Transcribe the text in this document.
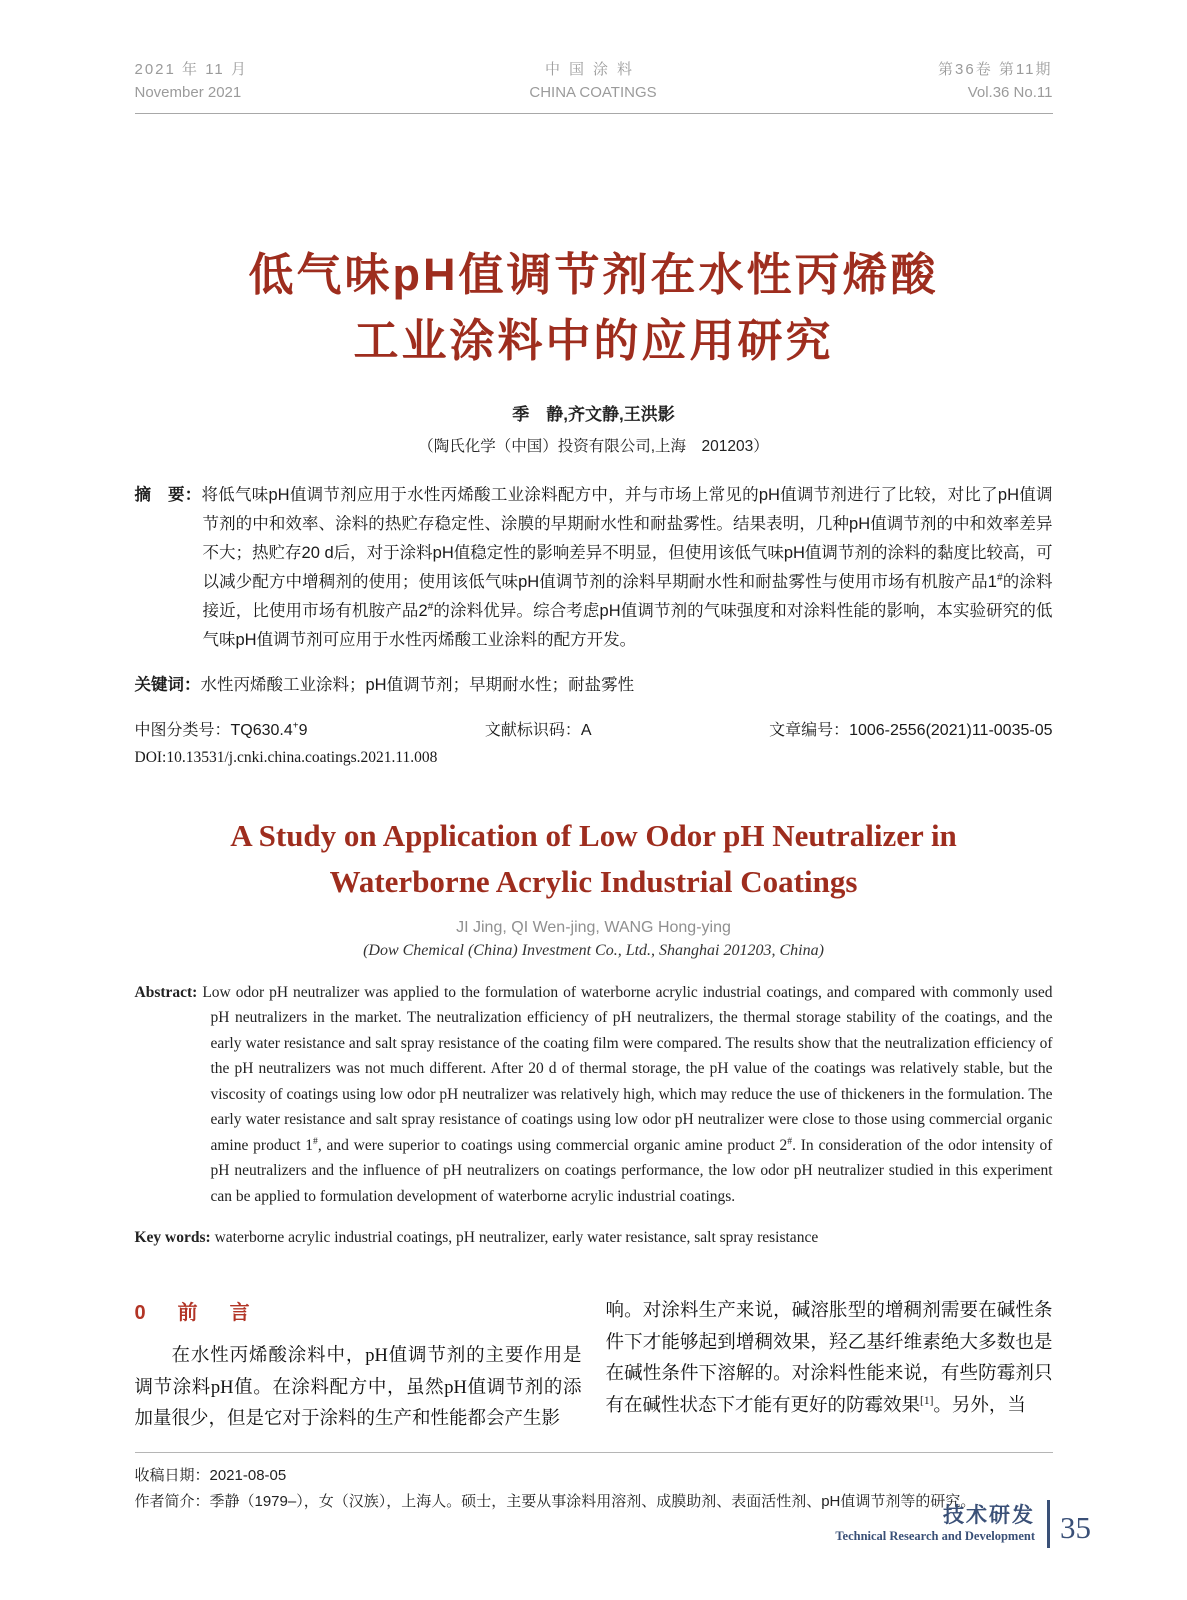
2021 年 11 月
November 2021
中国涂料
CHINA COATINGS
第36卷 第11期
Vol.36 No.11
低气味pH值调节剂在水性丙烯酸
工业涂料中的应用研究
季　静,齐文静,王洪影
（陶氏化学（中国）投资有限公司,上海　201203）

摘　要：将低气味pH值调节剂应用于水性丙烯酸工业涂料配方中，并与市场上常见的pH值调节剂进行了比较，对比了pH值调节剂的中和效率、涂料的热贮存稳定性、涂膜的早期耐水性和耐盐雾性。结果表明，几种pH值调节剂的中和效率差异不大；热贮存20 d后，对于涂料pH值稳定性的影响差异不明显，但使用该低气味pH值调节剂的涂料的黏度比较高，可以减少配方中增稠剂的使用；使用该低气味pH值调节剂的涂料早期耐水性和耐盐雾性与使用市场有机胺产品1#的涂料接近，比使用市场有机胺产品2#的涂料优异。综合考虑pH值调节剂的气味强度和对涂料性能的影响，本实验研究的低气味pH值调节剂可应用于水性丙烯酸工业涂料的配方开发。

关键词：水性丙烯酸工业涂料；pH值调节剂；早期耐水性；耐盐雾性

中图分类号：TQ630.4+9	文献标识码：A	文章编号：1006-2556(2021)11-0035-05
DOI:10.13531/j.cnki.china.coatings.2021.11.008
A Study on Application of Low Odor pH Neutralizer in
Waterborne Acrylic Industrial Coatings
JI Jing, QI Wen-jing, WANG Hong-ying
(Dow Chemical (China) Investment Co., Ltd., Shanghai 201203, China)

Abstract: Low odor pH neutralizer was applied to the formulation of waterborne acrylic industrial coatings, and compared with commonly used pH neutralizers in the market. The neutralization efficiency of pH neutralizers, the thermal storage stability of the coatings, and the early water resistance and salt spray resistance of the coating film were compared. The results show that the neutralization efficiency of the pH neutralizers was not much different. After 20 d of thermal storage, the pH value of the coatings was relatively stable, but the viscosity of coatings using low odor pH neutralizer was relatively high, which may reduce the use of thickeners in the formulation. The early water resistance and salt spray resistance of coatings using low odor pH neutralizer were close to those using commercial organic amine product 1#, and were superior to coatings using commercial organic amine product 2#. In consideration of the odor intensity of pH neutralizers and the influence of pH neutralizers on coatings performance, the low odor pH neutralizer studied in this experiment can be applied to formulation development of waterborne acrylic industrial coatings.

Key words: waterborne acrylic industrial coatings, pH neutralizer, early water resistance, salt spray resistance

0　前　言

在水性丙烯酸涂料中，pH值调节剂的主要作用是调节涂料pH值。在涂料配方中，虽然pH值调节剂的添加量很少，但是它对于涂料的生产和性能都会产生影

响。对涂料生产来说，碱溶胀型的增稠剂需要在碱性条件下才能够起到增稠效果，羟乙基纤维素绝大多数也是在碱性条件下溶解的。对涂料性能来说，有些防霉剂只有在碱性状态下才能有更好的防霉效果[1]。另外，当

收稿日期：2021-08-05
作者简介：季静（1979–），女（汉族），上海人。硕士，主要从事涂料用溶剂、成膜助剂、表面活性剂、pH值调节剂等的研究。
技术研发
Technical Research and Development 35
